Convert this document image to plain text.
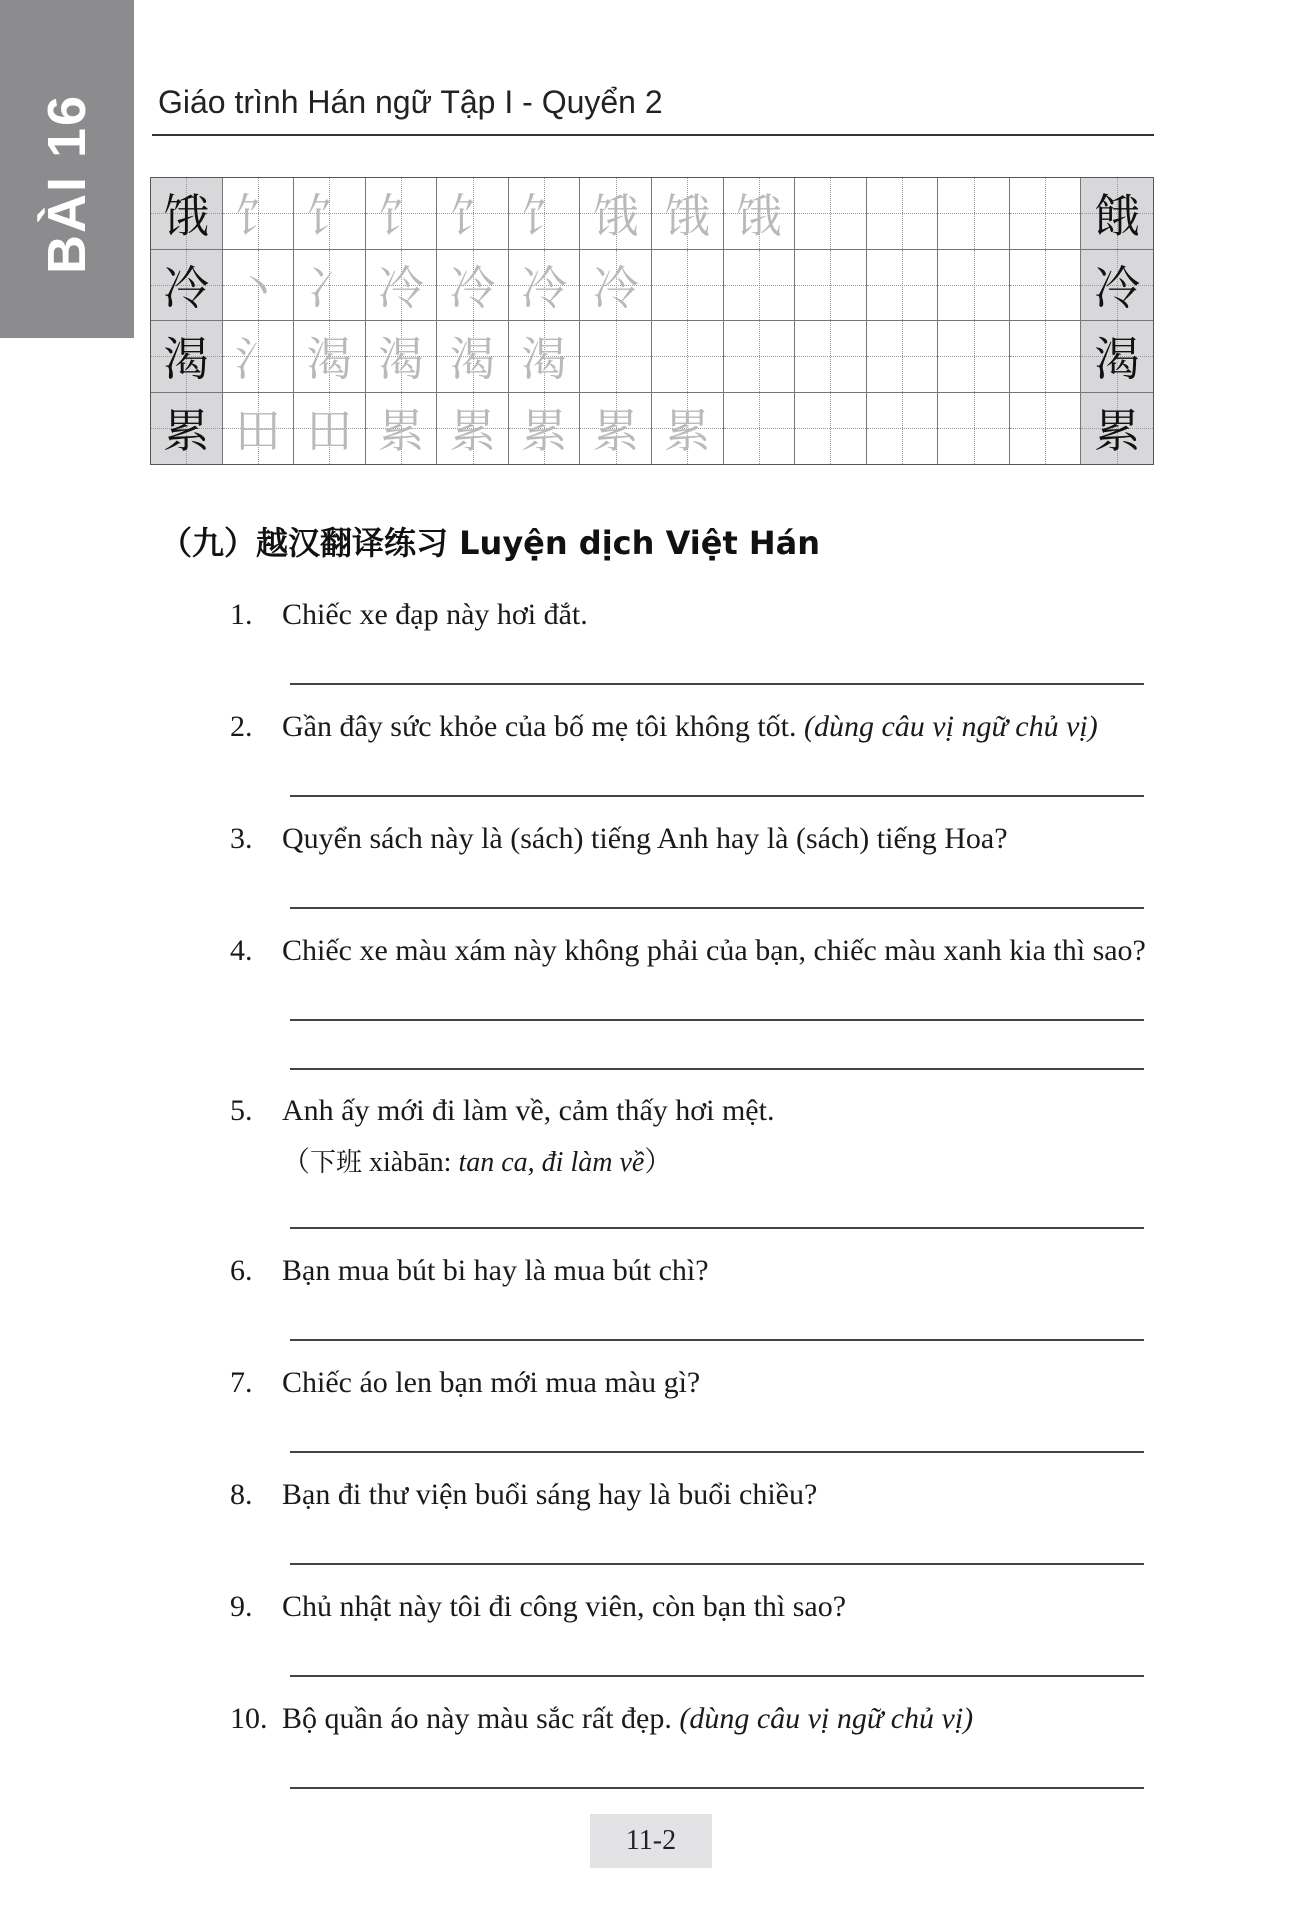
BÀI 16 Giáo trình Hán ngữ Tập I - Quyển 2
饿 饣 饣 饣 饣 饣 饿 饿 饿	餓
冷 丶 冫 冷 冷 冷 冷	冷
渴 氵 渴 渴 渴 渴	渴
累 田 田 累 累 累 累 累	累
（九）越汉翻译练习 Luyện dịch Việt Hán
1. Chiếc xe đạp này hơi đắt.
2. Gần đây sức khỏe của bố mẹ tôi không tốt. (dùng câu vị ngữ chủ vị)
3. Quyển sách này là (sách) tiếng Anh hay là (sách) tiếng Hoa?
4. Chiếc xe màu xám này không phải của bạn, chiếc màu xanh kia thì sao?
5. Anh ấy mới đi làm về, cảm thấy hơi mệt.
（下班 xiàbān: tan ca, đi làm về）
6. Bạn mua bút bi hay là mua bút chì?
7. Chiếc áo len bạn mới mua màu gì?
8. Bạn đi thư viện buổi sáng hay là buổi chiều?
9. Chủ nhật này tôi đi công viên, còn bạn thì sao?
10. Bộ quần áo này màu sắc rất đẹp. (dùng câu vị ngữ chủ vị)
11-2
